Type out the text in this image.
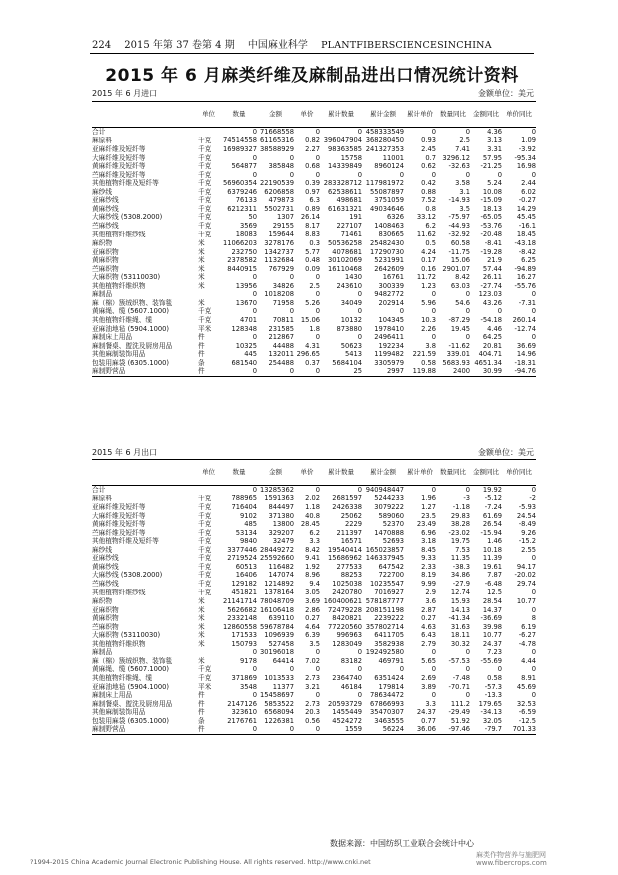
224 2015 年第 37 卷第 4 期 中国麻业科学 PLANTFIBERSCIENCESINCHINA
2015 年 6 月麻类纤维及麻制品进出口情况统计资料
2015 年 6 月进口	金额单位：美元
	单位	数量	金额	单价	累计数量	累计金额	累计单价	数量同比	金额同比	单价同比
合计		0	71668558	0	0	458333549	0	0	4.36	0
麻原料	千克	74514558	61165316	0.82	396047904	368280450	0.93	2.5	3.13	1.09
亚麻纤维及短纤等	千克	16989327	38588929	2.27	98363585	241327353	2.45	7.41	3.31	-3.92
大麻纤维及短纤等	千克	0	0	0	15758	11001	0.7	3296.12	57.95	-95.34
黄麻纤维及短纤等	千克	564877	385848	0.68	14339849	8960124	0.62	-32.63	-21.25	16.98
苎麻纤维及短纤等	千克	0	0	0	0	0	0	0	0	0
其他植物纤维及短纤等	千克	56960354	22190539	0.39	283328712	117981972	0.42	3.58	5.24	2.44
麻纱线	千克	6379246	6206858	0.97	62538611	55087897	0.88	3.1	10.08	6.02
亚麻纱线	千克	76133	479873	6.3	498681	3751059	7.52	-14.93	-15.09	-0.27
黄麻纱线	千克	6212311	5502731	0.89	61631321	49034646	0.8	3.5	18.13	14.29
大麻纱线 (5308.2000)	千克	50	1307	26.14	191	6326	33.12	-75.97	-65.05	45.45
苎麻纱线	千克	3569	29155	8.17	227107	1408463	6.2	-44.93	-53.76	-16.1
其他植物纤维纱线	千克	18083	159644	8.83	71461	830665	11.62	-32.92	-20.48	18.45
麻织物	米	11066203	3278176	0.3	50536258	25482430	0.5	60.58	-8.41	-43.18
亚麻织物	米	232750	1342737	5.77	4078681	17290730	4.24	-11.75	-19.28	-8.42
黄麻织物	米	2378582	1132684	0.48	30102069	5231991	0.17	15.06	21.9	6.25
苎麻织物	米	8440915	767929	0.09	16110468	2642609	0.16	2901.07	57.44	-94.89
大麻织物 (53110030)	米	0	0	0	1430	16761	11.72	8.42	26.11	16.27
其他植物纤维织物	米	13956	34826	2.5	243610	300339	1.23	63.03	-27.74	-55.76
麻制品		0	1018208	0	0	9482772	0	0	123.03	0
麻（棉）簇绒织物、装饰毯	米	13670	71958	5.26	34049	202914	5.96	54.6	43.26	-7.31
黄麻绳、缆 (5607.1000)	千克	0	0	0	0	0	0	0	0	0
其他植物纤维绳、缆	千克	4701	70811	15.06	10132	104345	10.3	-87.29	-54.18	260.14
亚麻油地毡 (5904.1000)	平米	128348	231585	1.8	873880	1978410	2.26	19.45	4.46	-12.74
麻制床上用品	件	0	212867	0	0	2496411	0	0	64.25	0
麻制餐桌、盥洗及厨房用品	件	10325	44488	4.31	50623	192234	3.8	-11.62	20.81	36.69
其他麻制装饰用品	件	445	132011	296.65	5413	1199482	221.59	339.01	404.71	14.96
包装用麻袋 (6305.1000)	条	681540	254488	0.37	5684104	3305979	0.58	5683.93	4651.34	-18.31
麻制野营品	件	0	0	0	25	2997	119.88	2400	30.99	-94.76
2015 年 6 月出口	金额单位：美元
	单位	数量	金额	单价	累计数量	累计金额	累计单价	数量同比	金额同比	单价同比
合计		0	13285362	0	0	940948447	0	0	19.92	0
麻原料	千克	788965	1591363	2.02	2681597	5244233	1.96	-3	-5.12	-2
亚麻纤维及短纤等	千克	716404	844497	1.18	2426338	3079222	1.27	-1.18	-7.24	-5.93
大麻纤维及短纤等	千克	9102	371380	40.8	25062	589060	23.5	29.83	61.69	24.54
黄麻纤维及短纤等	千克	485	13800	28.45	2229	52370	23.49	38.28	26.54	-8.49
苎麻纤维及短纤等	千克	53134	329207	6.2	211397	1470888	6.96	-23.02	-15.94	9.26
其他植物纤维及短纤等	千克	9840	32479	3.3	16571	52693	3.18	19.75	1.46	-15.2
麻纱线	千克	3377446	28449272	8.42	19540414	165023857	8.45	7.53	10.18	2.55
亚麻纱线	千克	2719524	25592660	9.41	15686962	146337945	9.33	11.35	11.39	0
黄麻纱线	千克	60513	116482	1.92	277533	647542	2.33	-38.3	19.61	94.17
大麻纱线 (5308.2000)	千克	16406	147074	8.96	88253	722700	8.19	34.86	7.87	-20.02
苎麻纱线	千克	129182	1214892	9.4	1025038	10235547	9.99	-27.9	-6.48	29.74
其他植物纤维纱线	千克	451821	1378164	3.05	2420780	7016927	2.9	12.74	12.5	0
麻织物	米	21141714	78048709	3.69	160400621	578187777	3.6	15.93	28.54	10.77
亚麻织物	米	5626682	16106418	2.86	72479228	208151198	2.87	14.13	14.37	0
黄麻织物	米	2332148	639110	0.27	8420821	2239222	0.27	-41.34	-36.69	8
苎麻织物	米	12860558	59678784	4.64	77220560	357802714	4.63	31.63	39.98	6.19
大麻织物 (53110030)	米	171533	1096939	6.39	996963	6411705	6.43	18.11	10.77	-6.27
其他植物纤维织物	米	150793	527458	3.5	1283049	3582938	2.79	30.32	24.37	-4.78
麻制品		0	30196018	0	0	192492580	0	0	7.23	0
麻（棉）簇绒织物、装饰毯	米	9178	64414	7.02	83182	469791	5.65	-57.53	-55.69	4.44
黄麻绳、缆 (5607.1000)	千克	0	0	0	0	0	0	0	0	0
其他植物纤维绳、缆	千克	371869	1013533	2.73	2364740	6351424	2.69	-7.48	0.58	8.91
亚麻油地毡 (5904.1000)	平米	3548	11377	3.21	46184	179814	3.89	-70.71	-57.3	45.69
麻制床上用品	件	0	15458697	0	0	78634472	0	0	-13.3	0
麻制餐桌、盥洗及厨房用品	件	2147126	5853522	2.73	20593729	67866993	3.3	111.2	179.65	32.53
其他麻制装饰用品	件	323610	6568094	20.3	1455449	35470307	24.37	-29.49	-34.13	-6.59
包装用麻袋 (6305.1000)	条	2176761	1226381	0.56	4524272	3463555	0.77	51.92	32.05	-12.5
麻制野营品	件	0	0	0	1559	56224	36.06	-97.46	-79.7	701.33
数据来源：中国纺织工业联合会统计中心
?1994-2015 China Academic Journal Electronic Publishing House. All rights reserved. http://www.cnki.net
麻类作物营养与施肥网
www.fibercrops.com
